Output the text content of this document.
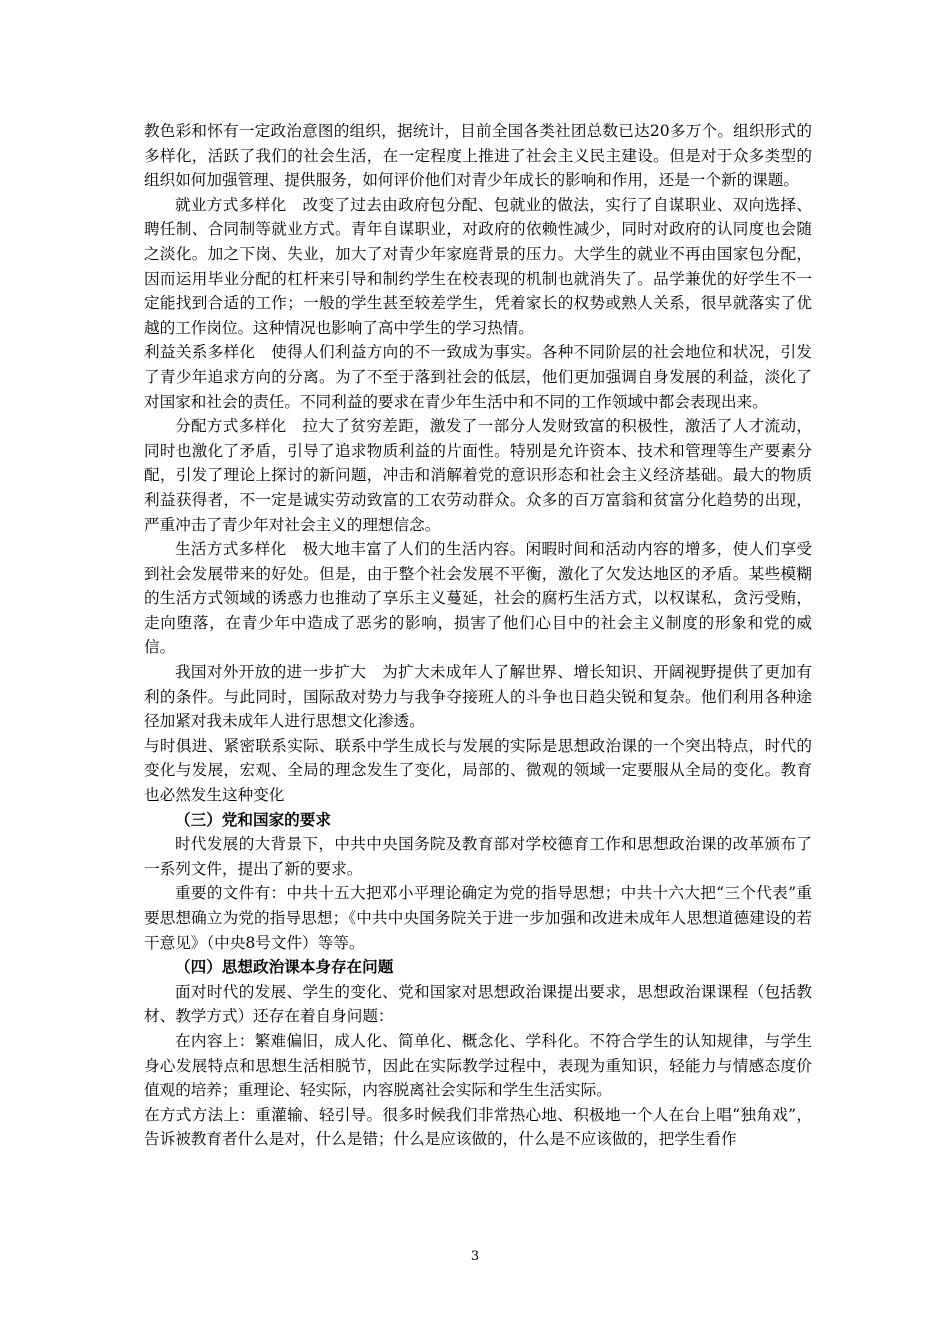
教色彩和怀有一定政治意图的组织，据统计，目前全国各类社团总数已达20多万个。组织形式的多样化，活跃了我们的社会生活，在一定程度上推进了社会主义民主建设。但是对于众多类型的组织如何加强管理、提供服务，如何评价他们对青少年成长的影响和作用，还是一个新的课题。

就业方式多样化　改变了过去由政府包分配、包就业的做法，实行了自谋职业、双向选择、聘任制、合同制等就业方式。青年自谋职业，对政府的依赖性减少，同时对政府的认同度也会随之淡化。加之下岗、失业，加大了对青少年家庭背景的压力。大学生的就业不再由国家包分配，因而运用毕业分配的杠杆来引导和制约学生在校表现的机制也就消失了。品学兼优的好学生不一定能找到合适的工作；一般的学生甚至较差学生，凭着家长的权势或熟人关系，很早就落实了优越的工作岗位。这种情况也影响了高中学生的学习热情。

利益关系多样化　使得人们利益方向的不一致成为事实。各种不同阶层的社会地位和状况，引发了青少年追求方向的分离。为了不至于落到社会的低层，他们更加强调自身发展的利益，淡化了对国家和社会的责任。不同利益的要求在青少年生活中和不同的工作领域中都会表现出来。

分配方式多样化　拉大了贫穷差距，激发了一部分人发财致富的积极性，激活了人才流动，同时也激化了矛盾，引导了追求物质利益的片面性。特别是允许资本、技术和管理等生产要素分配，引发了理论上探讨的新问题，冲击和消解着党的意识形态和社会主义经济基础。最大的物质利益获得者，不一定是诚实劳动致富的工农劳动群众。众多的百万富翁和贫富分化趋势的出现，严重冲击了青少年对社会主义的理想信念。

生活方式多样化　极大地丰富了人们的生活内容。闲暇时间和活动内容的增多，使人们享受到社会发展带来的好处。但是，由于整个社会发展不平衡，激化了欠发达地区的矛盾。某些模糊的生活方式领域的诱惑力也推动了享乐主义蔓延，社会的腐朽生活方式，以权谋私，贪污受贿，走向堕落，在青少年中造成了恶劣的影响，损害了他们心目中的社会主义制度的形象和党的威信。

我国对外开放的进一步扩大　为扩大未成年人了解世界、增长知识、开阔视野提供了更加有利的条件。与此同时，国际敌对势力与我争夺接班人的斗争也日趋尖锐和复杂。他们利用各种途径加紧对我未成年人进行思想文化渗透。

与时俱进、紧密联系实际、联系中学生成长与发展的实际是思想政治课的一个突出特点，时代的变化与发展，宏观、全局的理念发生了变化，局部的、微观的领域一定要服从全局的变化。教育也必然发生这种变化

（三）党和国家的要求

时代发展的大背景下，中共中央国务院及教育部对学校德育工作和思想政治课的改革颁布了一系列文件，提出了新的要求。

重要的文件有：中共十五大把邓小平理论确定为党的指导思想；中共十六大把“三个代表”重要思想确立为党的指导思想；《中共中央国务院关于进一步加强和改进未成年人思想道德建设的若干意见》（中央8号文件）等等。

（四）思想政治课本身存在问题

面对时代的发展、学生的变化、党和国家对思想政治课提出要求，思想政治课课程（包括教材、教学方式）还存在着自身问题：

在内容上：繁难偏旧，成人化、简单化、概念化、学科化。不符合学生的认知规律，与学生身心发展特点和思想生活相脱节，因此在实际教学过程中，表现为重知识，轻能力与情感态度价值观的培养；重理论、轻实际，内容脱离社会实际和学生生活实际。

在方式方法上：重灌输、轻引导。很多时候我们非常热心地、积极地一个人在台上唱“独角戏”，告诉被教育者什么是对，什么是错；什么是应该做的，什么是不应该做的，把学生看作

3
